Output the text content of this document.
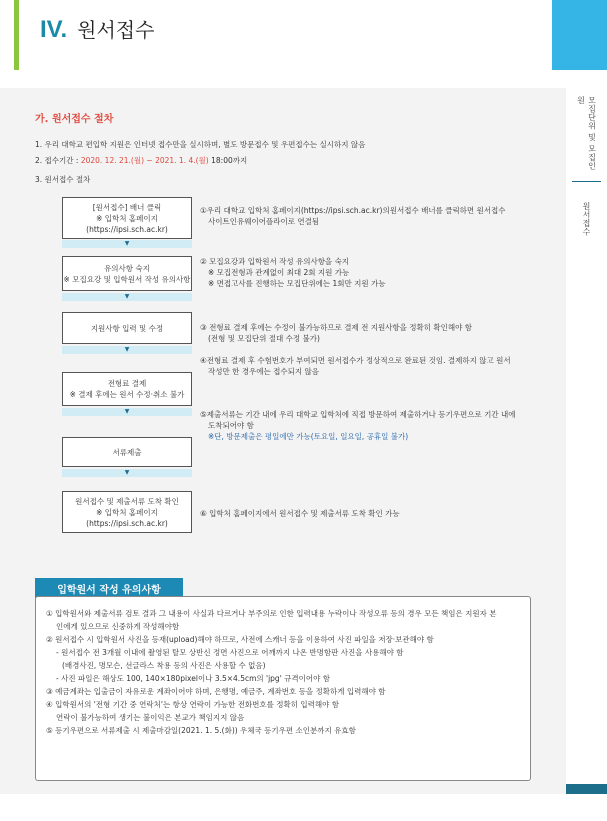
IV. 원서접수
모집단위 및 모집인원
원서접수
가. 원서접수 절차
1. 우리 대학교 편입학 지원은 인터넷 접수만을 실시하며, 별도 방문접수 및 우편접수는 실시하지 않음
2. 접수기간 : 2020. 12. 21.(월) ~ 2021. 1. 4.(월) 18:00까지
3. 원서접수 절차
[원서접수] 배너 클릭
※ 입학처 홈페이지
(https://ipsi.sch.ac.kr)
①우리 대학교 입학처 홈페이지(https://ipsi.sch.ac.kr)의원서접수 배너를 클릭하면 원서접수
사이트인유웨이어플라이로 연결됨
▼
유의사항 숙지
※ 모집요강 및 입학원서 작성 유의사항
② 모집요강과 입학원서 작성 유의사항을 숙지
※ 모집전형과 관계없이 최대 2회 지원 가능
※ 면접고사를 진행하는 모집단위에는 1회만 지원 가능
▼
지원사항 입력 및 수정	③ 전형료 결제 후에는 수정이 불가능하므로 결제 전 지원사항을 정확히 확인해야 함
(전형 및 모집단위 절대 수정 불가)
▼
전형료 결제
※ 결제 후에는 원서 수정·취소 불가
④전형료 결제 후 수험번호가 부여되면 원서접수가 정상적으로 완료된 것임. 결제하지 않고 원서
작성만 한 경우에는 접수되지 않음
▼
서류제출
⑤제출서류는 기간 내에 우리 대학교 입학처에 직접 방문하여 제출하거나 등기우편으로 기간 내에
도착되어야 함
※단, 방문제출은 평일에만 가능(토요일, 일요일, 공휴일 불가)
▼
원서접수 및 제출서류 도착 확인
※ 입학처 홈페이지
(https://ipsi.sch.ac.kr)
⑥ 입학처 홈페이지에서 원서접수 및 제출서류 도착 확인 가능
입학원서 작성 유의사항
① 입학원서와 제출서류 검토 결과 그 내용이 사실과 다르거나 부주의로 인한 입력내용 누락이나 작성오류 등의 경우 모든 책임은 지원자 본
인에게 있으므로 신중하게 작성해야함
② 원서접수 시 입학원서 사진을 등재(upload)해야 하므로, 사전에 스캐너 등을 이용하여 사진 파일을 저장·보관해야 함
- 원서접수 전 3개월 이내에 촬영된 탈모 상반신 정면 사진으로 어깨까지 나온 반명함판 사진을 사용해야 함
(배경사진, 명모슨, 선글라스 착용 등의 사진은 사용할 수 없음)
- 사진 파일은 해상도 100, 140×180pixel이나 3.5×4.5cm의 'jpg' 규격이어야 함
③ 예금계좌는 입출금이 자유로운 계좌이어야 하며, 은행명, 예금주, 계좌번호 등을 정확하게 입력해야 함
④ 입학원서의 '전형 기간 중 연락처'는 항상 연락이 가능한 전화번호를 정확히 입력해야 함
연락이 불가능하여 생기는 불이익은 본교가 책임지지 않음
⑤ 등기우편으로 서류제출 시 제출마감일(2021. 1. 5.(화)) 우체국 등기우편 소인분까지 유효함
